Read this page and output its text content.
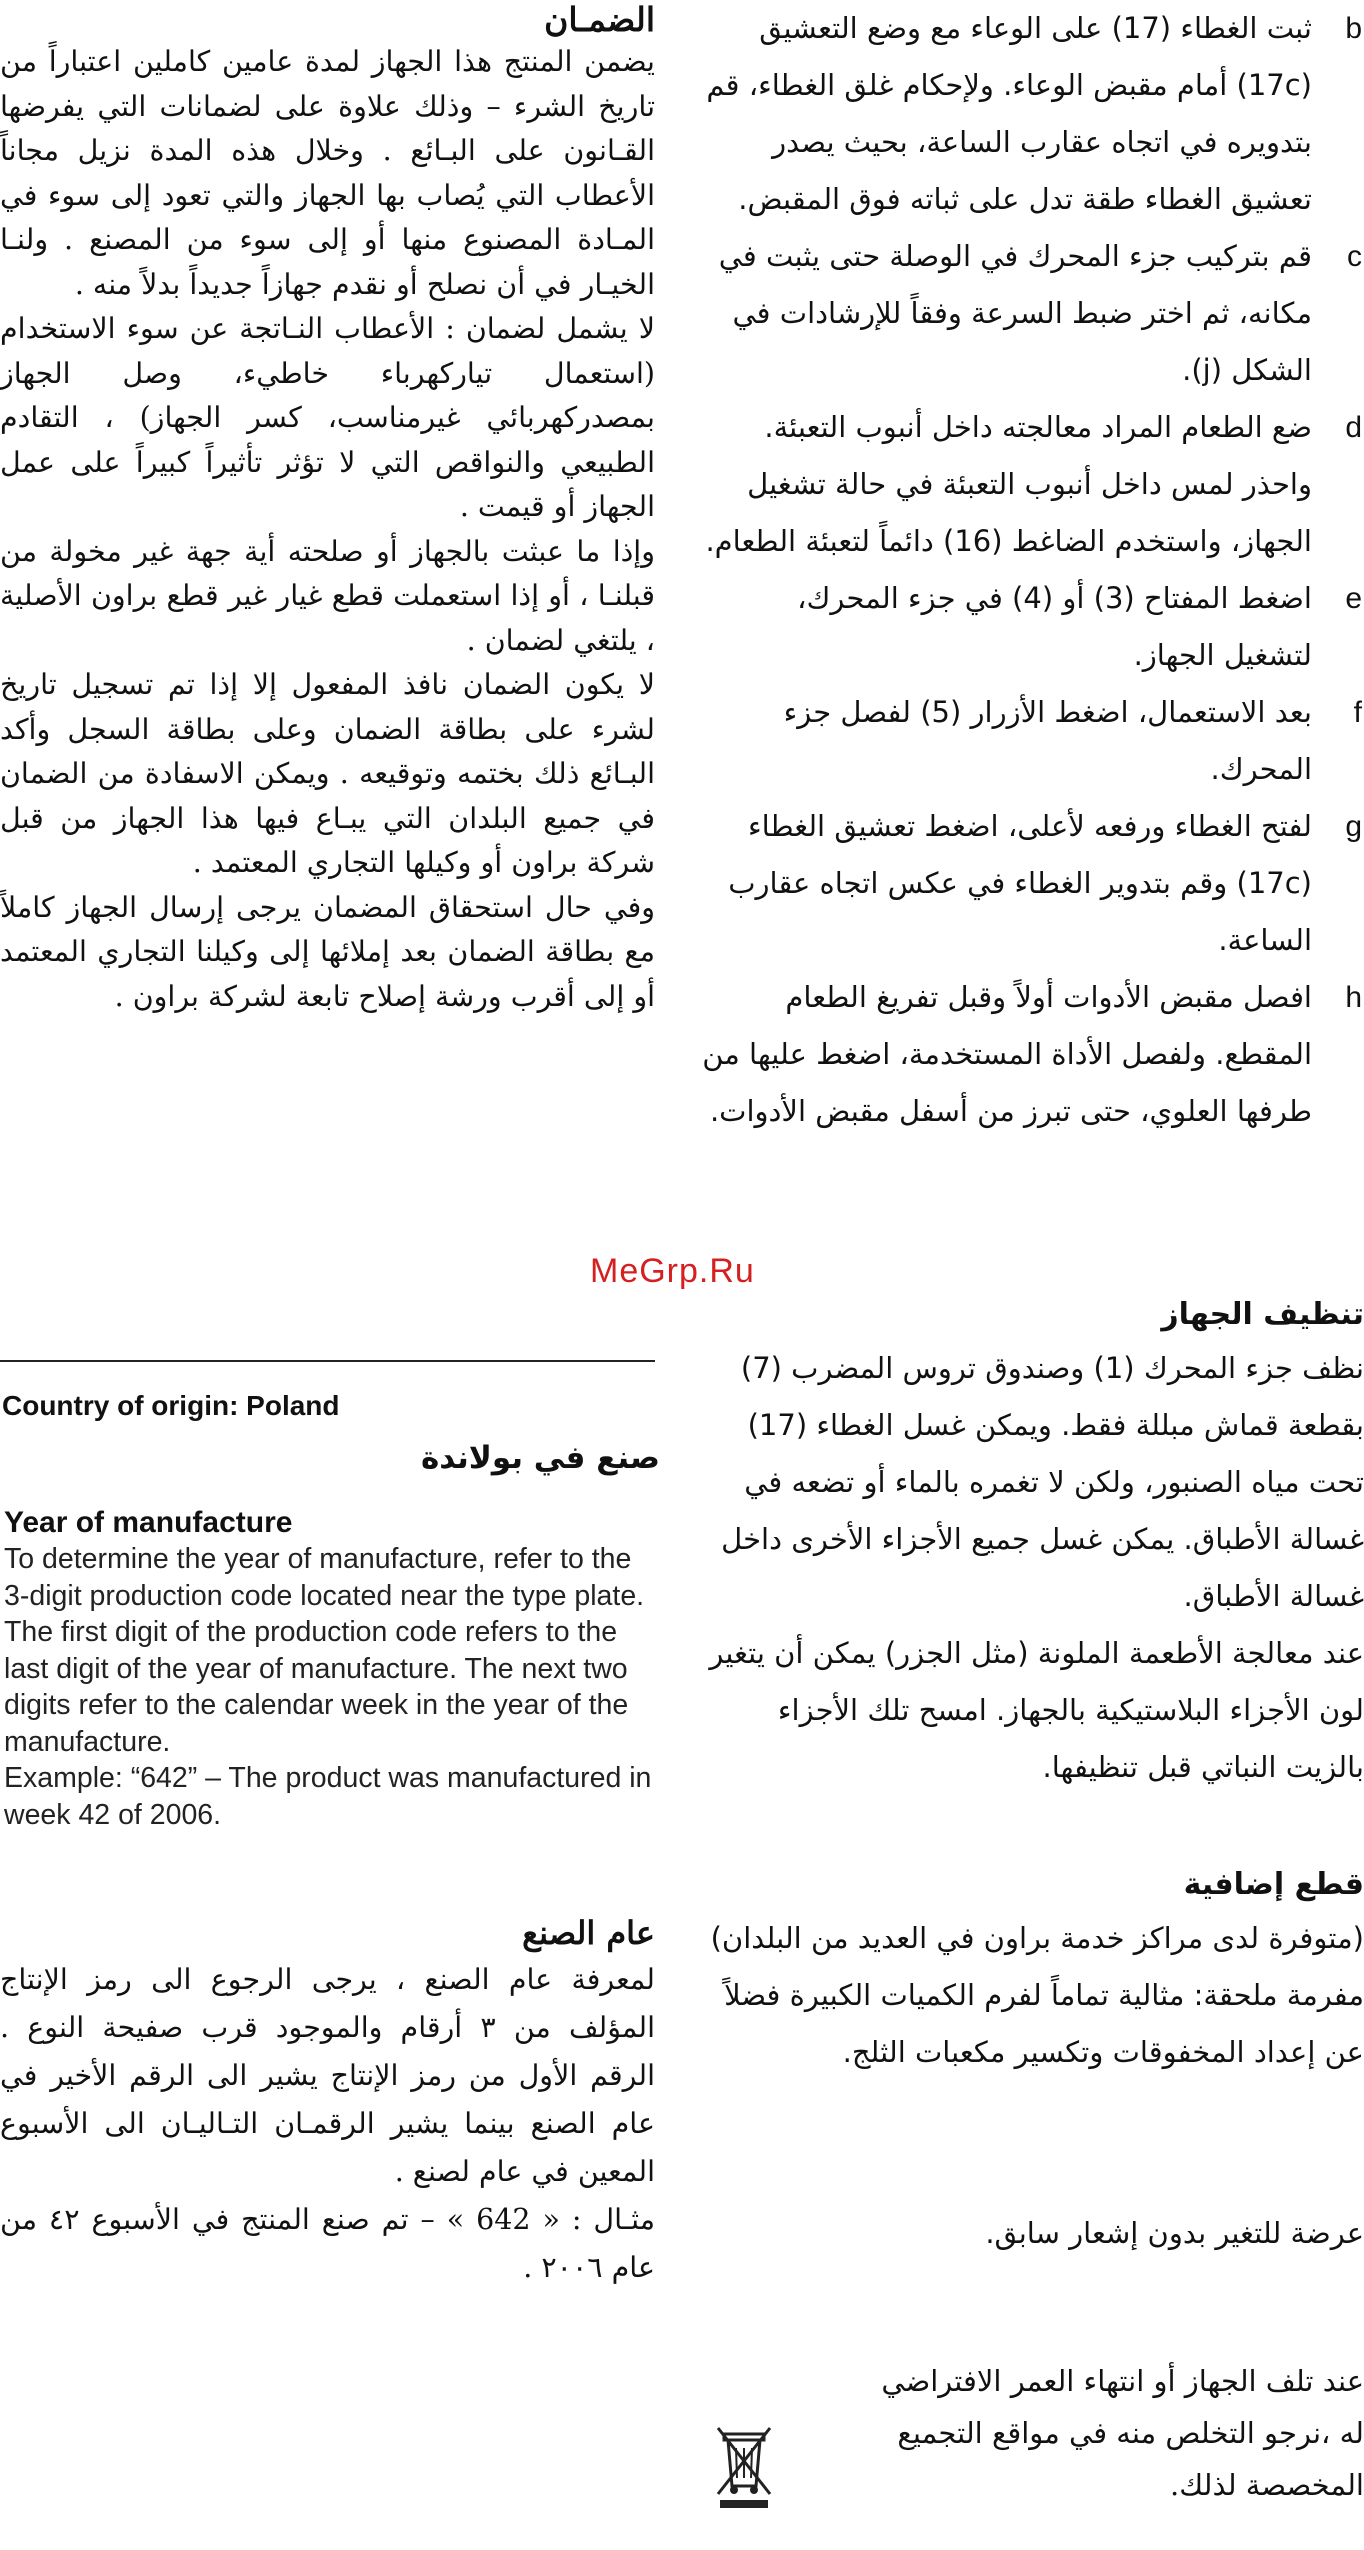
الضمـان

يضمن المنتج هذا الجهاز لمدة عامين كاملين اعتباراً من تاريخ الشرء – وذلك علاوة على لضمانات التي يفرضها القـانون على البـائع . وخلال هذه المدة نزيل مجاناً الأعطاب التي يُصاب بها الجهاز والتي تعود إلى سوء في المـادة المصنوع منها أو إلى سوء من المصنع . ولنـا الخيـار في أن نصلح أو نقدم جهازاً جديداً بدلاً منه .

لا يشمل لضمان : الأعطاب النـاتجة عن سوء الاستخدام (استعمال تياركهرباء خاطيء، وصل الجهاز بمصدركهربائي غيرمناسب، كسر الجهاز) ، التقادم الطبيعي والنواقص التي لا تؤثر تأثيراً كبيراً على عمل الجهاز أو قيمت .

وإذا ما عبثت بالجهاز أو صلحته أية جهة غير مخولة من قبلنـا ، أو إذا استعملت قطع غيار غير قطع براون الأصلية ، يلتغي لضمان .

لا يكون الضمان نافذ المفعول إلا إذا تم تسجيل تاريخ لشرء على بطاقة الضمان وعلى بطاقة السجل وأكد البـائع ذلك بختمه وتوقيعه . ويمكن الاسفادة من الضمان في جميع البلدان التي يبـاع فيها هذا الجهاز من قبل شركة براون أو وكيلها التجاري المعتمد .

وفي حال استحقاق المضمان يرجى إرسال الجهاز كاملاً مع بطاقة الضمان بعد إملائها إلى وكيلنا التجاري المعتمد أو إلى أقرب ورشة إصلاح تابعة لشركة براون .

Country of origin: Poland
صنع في بولاندة
Year of manufacture

To determine the year of manufacture, refer to the 3-digit production code located near the type plate. The first digit of the production code refers to the last digit of the year of manufacture. The next two digits refer to the calendar week in the year of the manufacture.

Example: “642” – The product was manufactured in week 42 of 2006.

عام الصنع

لمعرفة عام الصنع ، يرجى الرجوع الى رمز الإنتاج المؤلف من ٣ أرقام والموجود قرب صفيحة النوع . الرقم الأول من رمز الإنتاج يشير الى الرقم الأخير في عام الصنع بينما يشير الرقمـان التـاليـان الى الأسبوع المعين في عام لصنع .

مثـال : « 642 » – تم صنع المنتج في الأسبوع ٤٢ من عام ٢٠٠٦ .

b

ثبت الغطاء (17) على الوعاء مع وضع التعشيق (17c) أمام مقبض الوعاء. ولإحكام غلق الغطاء، قم بتدويره في اتجاه عقارب الساعة، بحيث يصدر تعشيق الغطاء طقة تدل على ثباته فوق المقبض.

c

قم بتركيب جزء المحرك في الوصلة حتى يثبت في مكانه، ثم اختر ضبط السرعة وفقاً للإرشادات في الشكل (j).

d

ضع الطعام المراد معالجته داخل أنبوب التعبئة. واحذر لمس داخل أنبوب التعبئة في حالة تشغيل الجهاز، واستخدم الضاغط (16) دائماً لتعبئة الطعام.

e

اضغط المفتاح (3) أو (4) في جزء المحرك، لتشغيل الجهاز.

f

بعد الاستعمال، اضغط الأزرار (5) لفصل جزء المحرك.

g

لفتح الغطاء ورفعه لأعلى، اضغط تعشيق الغطاء (17c) وقم بتدوير الغطاء في عكس اتجاه عقارب الساعة.

h

افصل مقبض الأدوات أولاً وقبل تفريغ الطعام المقطع. ولفصل الأداة المستخدمة، اضغط عليها من طرفها العلوي، حتى تبرز من أسفل مقبض الأدوات.

تنظيف الجهاز

نظف جزء المحرك (1) وصندوق تروس المضرب (7) بقطعة قماش مبللة فقط. ويمكن غسل الغطاء (17) تحت مياه الصنبور، ولكن لا تغمره بالماء أو تضعه في غسالة الأطباق. يمكن غسل جميع الأجزاء الأخرى داخل غسالة الأطباق.

عند معالجة الأطعمة الملونة (مثل الجزر) يمكن أن يتغير لون الأجزاء البلاستيكية بالجهاز. امسح تلك الأجزاء بالزيت النباتي قبل تنظيفها.

قطع إضافية

(متوفرة لدى مراكز خدمة براون في العديد من البلدان)

مفرمة ملحقة: مثالية تماماً لفرم الكميات الكبيرة فضلاً عن إعداد المخفوقات وتكسير مكعبات الثلج.

عرضة للتغير بدون إشعار سابق.

MeGrp.Ru

عند تلف الجهاز أو انتهاء العمر الافتراضي له ،نرجو التخلص منه في مواقع التجميع المخصصة لذلك.
